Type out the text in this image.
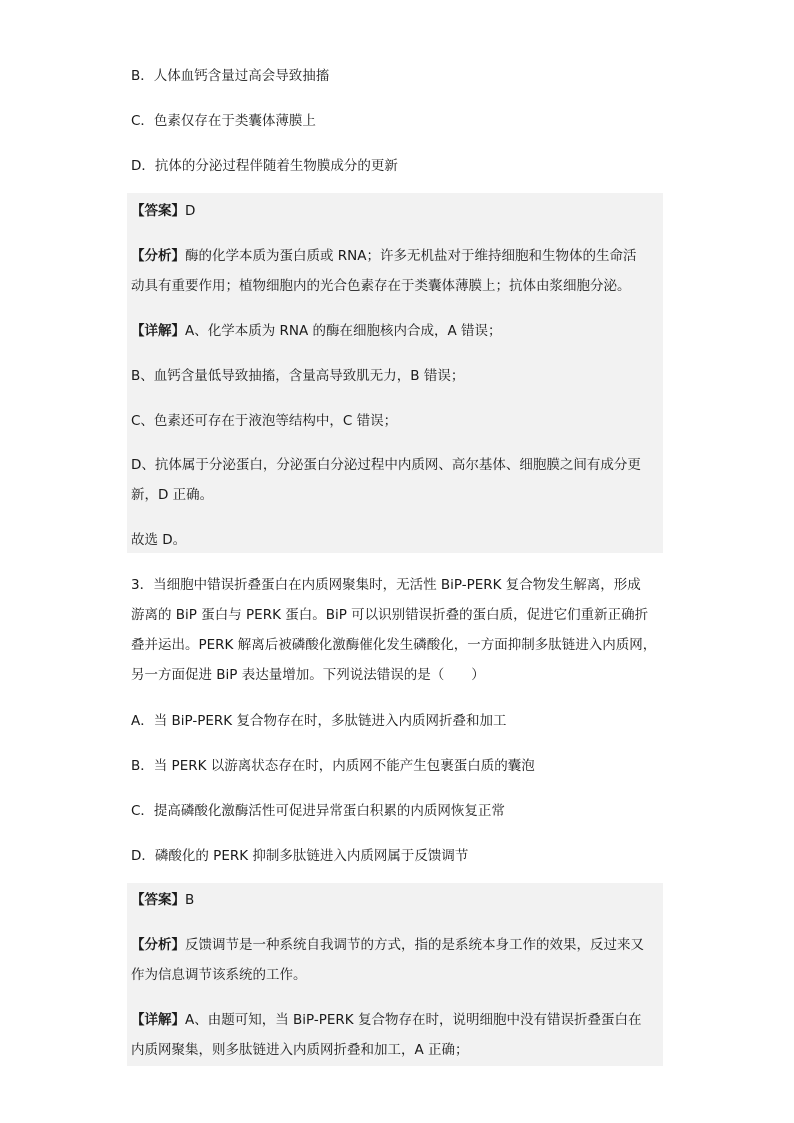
B．人体血钙含量过高会导致抽搐
C．色素仅存在于类囊体薄膜上
D．抗体的分泌过程伴随着生物膜成分的更新
【答案】D
【分析】酶的化学本质为蛋白质或 RNA；许多无机盐对于维持细胞和生物体的生命活
动具有重要作用；植物细胞内的光合色素存在于类囊体薄膜上；抗体由浆细胞分泌。
【详解】A、化学本质为 RNA 的酶在细胞核内合成，A 错误；
B、血钙含量低导致抽搐，含量高导致肌无力，B 错误；
C、色素还可存在于液泡等结构中，C 错误；
D、抗体属于分泌蛋白，分泌蛋白分泌过程中内质网、高尔基体、细胞膜之间有成分更
新，D 正确。
故选 D。
3．当细胞中错误折叠蛋白在内质网聚集时，无活性 BiP-PERK 复合物发生解离，形成
游离的 BiP 蛋白与 PERK 蛋白。BiP 可以识别错误折叠的蛋白质，促进它们重新正确折
叠并运出。PERK 解离后被磷酸化激酶催化发生磷酸化，一方面抑制多肽链进入内质网，
另一方面促进 BiP 表达量增加。下列说法错误的是（　　）
A．当 BiP-PERK 复合物存在时，多肽链进入内质网折叠和加工
B．当 PERK 以游离状态存在时，内质网不能产生包裹蛋白质的囊泡
C．提高磷酸化激酶活性可促进异常蛋白积累的内质网恢复正常
D．磷酸化的 PERK 抑制多肽链进入内质网属于反馈调节
【答案】B
【分析】反馈调节是一种系统自我调节的方式，指的是系统本身工作的效果，反过来又
作为信息调节该系统的工作。
【详解】A、由题可知，当 BiP-PERK 复合物存在时，说明细胞中没有错误折叠蛋白在
内质网聚集，则多肽链进入内质网折叠和加工，A 正确；
